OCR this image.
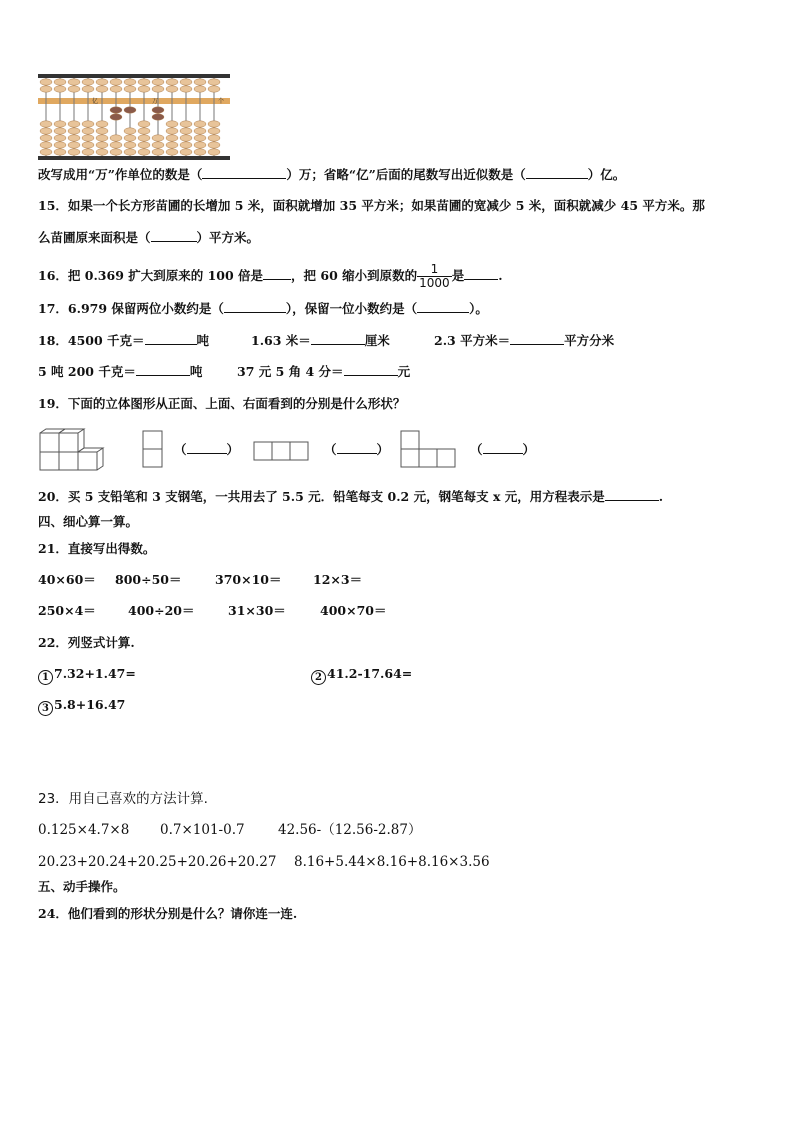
亿	万	个
改写成用“万”作单位的数是（	）万；省略“亿”后面的尾数写出近似数是（	）亿。
15．如果一个长方形苗圃的长增加 5 米，面积就增加 35 平方米；如果苗圃的宽减少 5 米，面积就减少 45 平方米。那
么苗圃原来面积是（	）平方米。
16．把 0.369 扩大到原来的 100 倍是 ，把 60 缩小到原数的 $\frac{1}{1000}$ 是	.
17．6.979 保留两位小数约是（	），保留一位小数约是（	）。
18．4500 千克＝	吨	1.63 米＝	厘米	2.3 平方米＝	平方分米
5 吨 200 千克＝	吨	37 元 5 角 4 分＝	元
19．下面的立体图形从正面、上面、右面看到的分别是什么形状？
（	）	（	）	（	）
20．买 5 支铅笔和 3 支钢笔，一共用去了 5.5 元．铅笔每支 0.2 元，钢笔每支 x 元，用方程表示是	.
四、细心算一算。
21．直接写出得数。
40×60＝ 800÷50＝	370×10＝	12×3＝
250×4＝	400÷20＝	31×30＝	400×70＝
22．列竖式计算.
1 7.32+1.47=	2 41.2-17.64=
3 5.8+16.47
23．用自己喜欢的方法计算.
0.125×4.7×8 0.7×101-0.7 42.56-（12.56-2.87）
20.23+20.24+20.25+20.26+20.27 8.16+5.44×8.16+8.16×3.56
五、动手操作。
24．他们看到的形状分别是什么？请你连一连.
